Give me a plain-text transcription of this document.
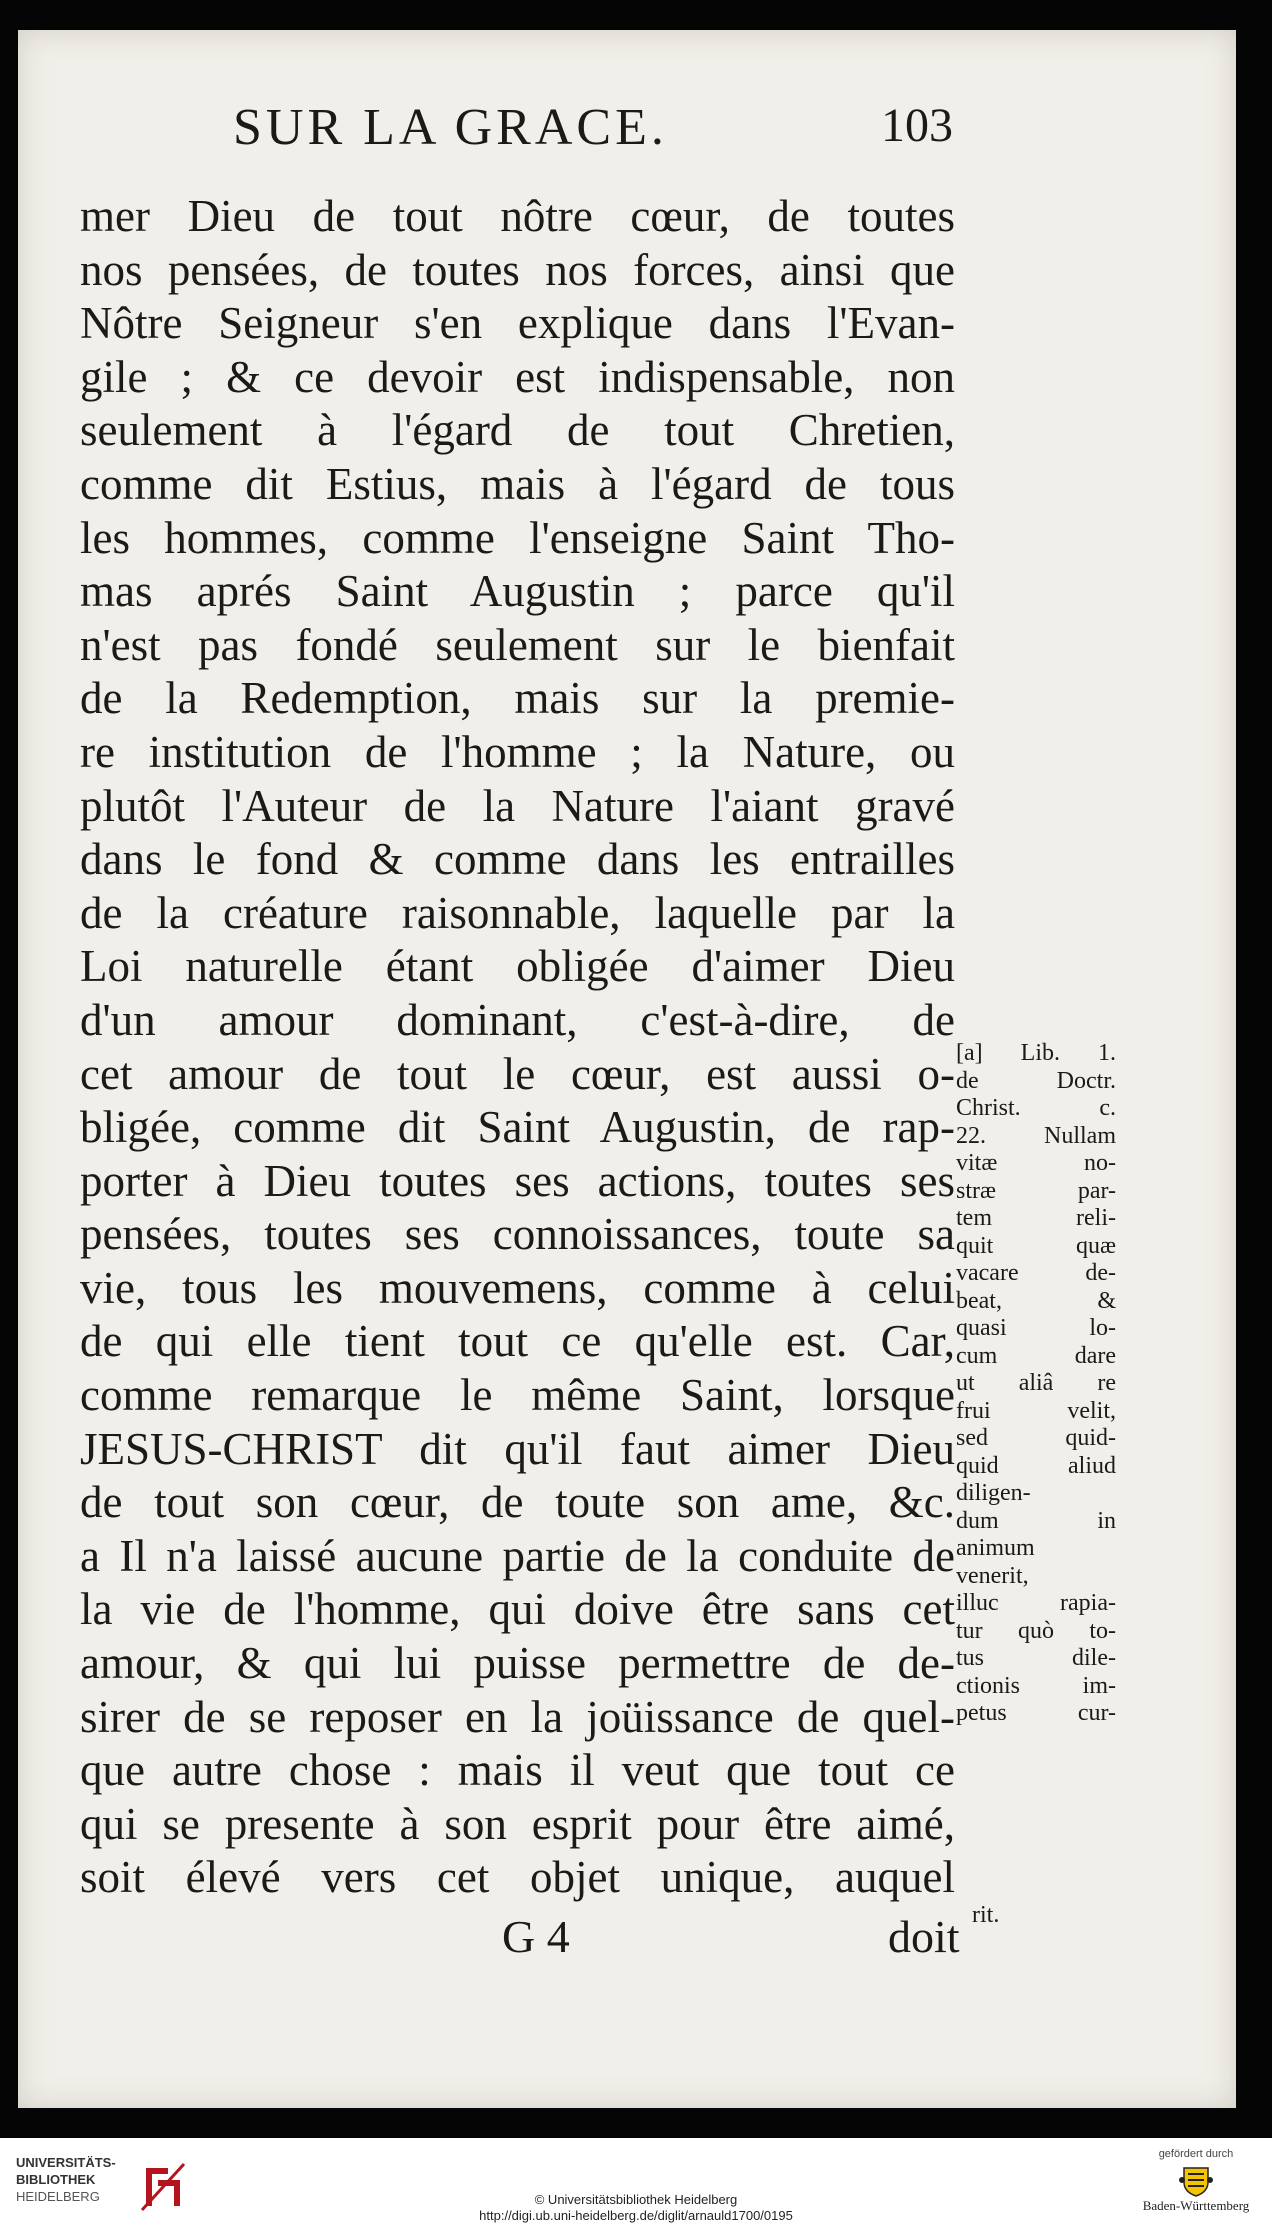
SUR LA GRACE.	103
mer Dieu de tout nôtre cœur, de toutes
nos pensées, de toutes nos forces, ainsi que
Nôtre Seigneur s'en explique dans l'Evan-
gile ; & ce devoir est indispensable, non
seulement à l'égard de tout Chretien,
comme dit Estius, mais à l'égard de tous
les hommes, comme l'enseigne Saint Tho-
mas aprés Saint Augustin ; parce qu'il
n'est pas fondé seulement sur le bienfait
de la Redemption, mais sur la premie-
re institution de l'homme ; la Nature, ou
plutôt l'Auteur de la Nature l'aiant gravé
dans le fond & comme dans les entrailles
de la créature raisonnable, laquelle par la
Loi naturelle étant obligée d'aimer Dieu
d'un amour dominant, c'est-à-dire, de
cet amour de tout le cœur, est aussi o-
bligée, comme dit Saint Augustin, de rap-
porter à Dieu toutes ses actions, toutes ses
pensées, toutes ses connoissances, toute sa
vie, tous les mouvemens, comme à celui
de qui elle tient tout ce qu'elle est. Car,
comme remarque le même Saint, lorsque
JESUS-CHRIST dit qu'il faut aimer Dieu
de tout son cœur, de toute son ame, &c.
a Il n'a laissé aucune partie de la conduite de
la vie de l'homme, qui doive être sans cet
amour, & qui lui puisse permettre de de-
sirer de se reposer en la joüissance de quel-
que autre chose : mais il veut que tout ce
qui se presente à son esprit pour être aimé,
soit élevé vers cet objet unique, auquel
[a] Lib. 1.
de Doctr.
Christ. c.
22. Nullam
vitæ no-
stræ par-
tem reli-
quit quæ
vacare de-
beat, &
quasi lo-
cum dare
ut aliâ re
frui velit,
sed quid-
quid aliud
diligen-
dum in
animum
venerit,
illuc rapia-
tur quò to-
tus dile-
ctionis im-
petus cur-
G 4	doit rit.
UNIVERSITÄTS-
BIBLIOTHEK
HEIDELBERG	© Universitätsbibliothek Heidelberg
http://digi.ub.uni-heidelberg.de/diglit/arnauld1700/0195
gefördert durch
Baden-Württemberg
